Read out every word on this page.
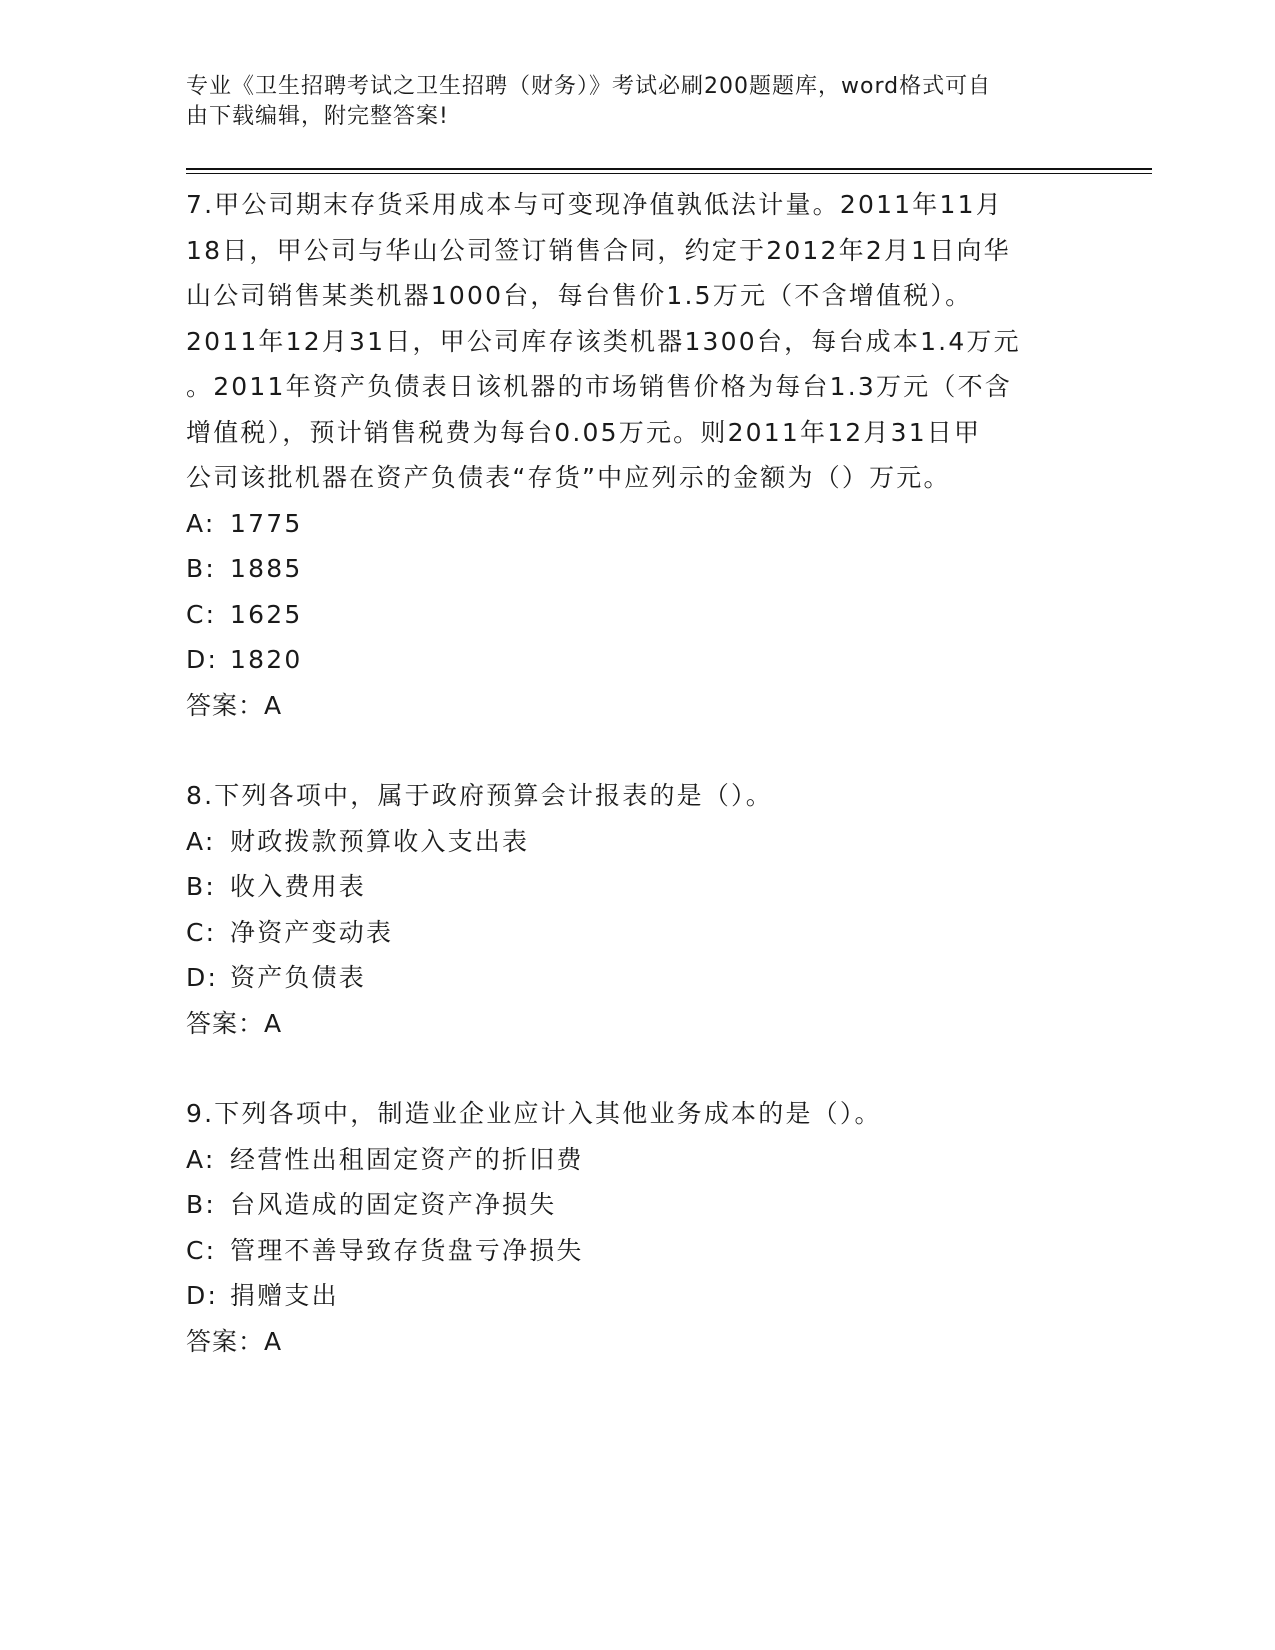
专业《卫生招聘考试之卫生招聘（财务）》考试必刷200题题库，word格式可自

由下载编辑，附完整答案!

7.甲公司期末存货采用成本与可变现净值孰低法计量。2011年11月

18日，甲公司与华山公司签订销售合同，约定于2012年2月1日向华

山公司销售某类机器1000台，每台售价1.5万元（不含增值税）。

2011年12月31日，甲公司库存该类机器1300台，每台成本1.4万元

。2011年资产负债表日该机器的市场销售价格为每台1.3万元（不含

增值税），预计销售税费为每台0.05万元。则2011年12月31日甲

公司该批机器在资产负债表“存货”中应列示的金额为（）万元。

A: 1775

B: 1885

C: 1625

D: 1820

答案：A

8.下列各项中，属于政府预算会计报表的是（）。

A: 财政拨款预算收入支出表

B: 收入费用表

C: 净资产变动表

D: 资产负债表

答案：A

9.下列各项中，制造业企业应计入其他业务成本的是（）。

A: 经营性出租固定资产的折旧费

B: 台风造成的固定资产净损失

C: 管理不善导致存货盘亏净损失

D: 捐赠支出

答案：A
